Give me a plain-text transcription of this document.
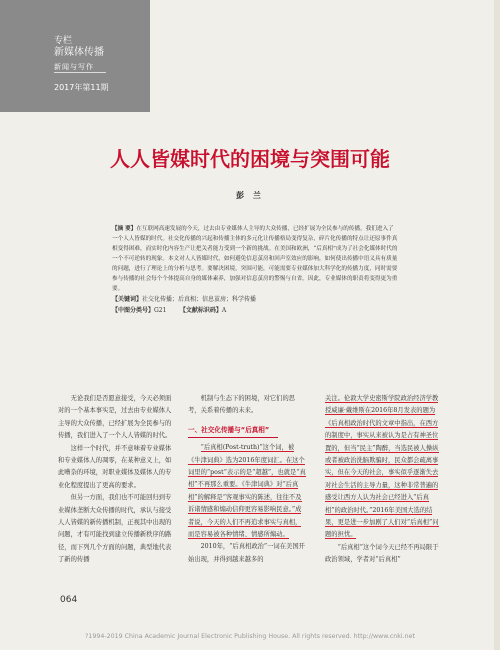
专栏
新媒体传播
新闻与写作
2017年第11期
人人皆媒时代的困境与突围可能
彭 兰
【摘 要】在互联网高速发展的今天，过去由专业媒体人主导的大众传播，已经扩展为全民参与的传播，我们进入了一个人人皆媒的时代。社交化传播的兴起和传播主体的多元化让传播格局变得复杂，碎片化传播的特点让还原事件真相变得困难，而实时化内容生产让把关者能力受到一个新的挑战。在美国和欧洲，“后真相”成为了社会化媒体时代的一个不可逆转的现象。本文对人人皆媒时代，如何避免信息茧房和回声室效应的影响，如何使出传播中语义具有质量的问题，进行了理论上的分析与思考。要解决困境，突围可能，可能需要专业媒体加大科学化的传播力度，同时需要参与传播的社会每个个体提高自身的媒体素养，加强对信息茧房的警惕与自省。因此，专业媒体的职责将变得更为重要。
【关键词】社交化传播；后真相；信息茧房；科学传播
【中图分类号】G21 【文献标识码】A

无论我们是否愿意接受，今天必须面对的一个基本事实是，过去由专业媒体人主导的大众传播，已经扩展为全民参与的传播，我们进入了一个人人皆媒的时代。

这样一个时代，并不意味着专业媒体和专业媒体人的凋零，在某种意义上，如此嘈杂的环境，对职业媒体及媒体人的专业化程度提出了更高的要求。

但另一方面，我们也不可能回归到专业媒体垄断大众传播的时代，承认与接受人人皆媒的新传播机制，正视其中出现的问题，才有可能找到建立传播新秩序的路径，而下列几个方面的问题，典型地代表了新的传播

机制与生态下的困境，对它们的思考，关系着传播的未来。

一、社交化传播与“后真相”

“后真相(Post-truth)”这个词，被《牛津词典》选为2016年度词汇。在这个词里的“post”表示的是“超越”，也就是“真相”不再那么重要。《牛津词典》对“后真相”的解释是“客观事实的陈述，往往不及诉诸情感和煽动信仰更容易影响民意。”成者说，今天的人们不再追求事实与真相，而是容易被各种情绪、情感所煽动。

2010年，“后真相政治”一词在美国开始出现，并得到越来越多的

关注。伦敦大学史密斯学院政治经济学教授威廉·戴维斯在2016年8月发表的题为《后真相政治时代的文章中指出，在西方的制度中，事实从来被认为是占有神圣位置的，但当“民主”陶醉，当选民被人操纵或者被政治洗脑欺骗时，民众都会疏离事实，但在今天的社会，事实似乎逐渐失去对社会生活的主导力量，这种非常普遍的感受让西方人认为社会已经进入“后真相”的政治时代。”2016年美国大选的结果，更是进一步加剧了人们对“后真相”问题的担忧。

“后真相”这个词今天已经不再局限于政治领域，学者对“后真相”

064
?1994-2019 China Academic Journal Electronic Publishing House. All rights reserved. http://www.cnki.net
